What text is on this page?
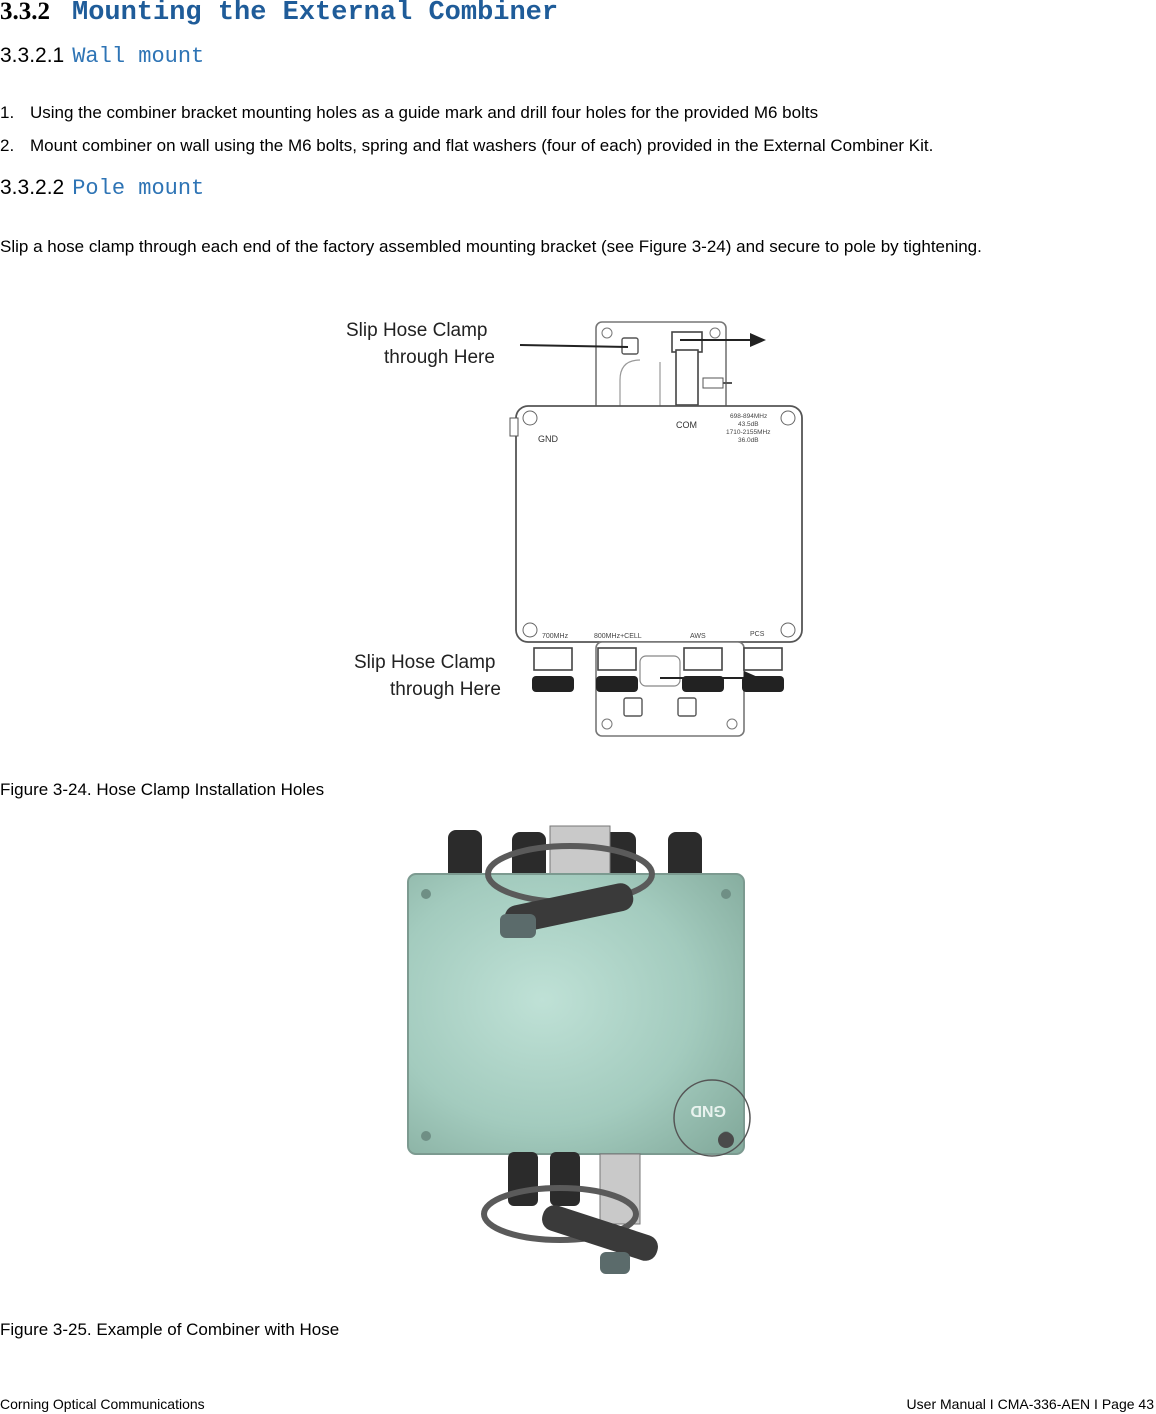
3.3.2 Mounting the External Combiner
3.3.2.1 Wall mount
1. Using the combiner bracket mounting holes as a guide mark and drill four holes for the provided M6 bolts
2. Mount combiner on wall using the M6 bolts, spring and flat washers (four of each) provided in the External Combiner Kit.
3.3.2.2 Pole mount
Slip a hose clamp through each end of the factory assembled mounting bracket (see Figure 3-24) and secure to pole by tightening.
Slip Hose Clamp
through Here
GND
COM
698-894MHz
43.5dB
1710-2155MHz
36.0dB
700MHz	800MHz+CELL	AWS	PCS
Slip Hose Clamp
through Here
Figure 3-24. Hose Clamp Installation Holes
GND
Figure 3-25. Example of Combiner with Hose
Corning Optical Communications	User Manual I CMA-336-AEN I Page 43
